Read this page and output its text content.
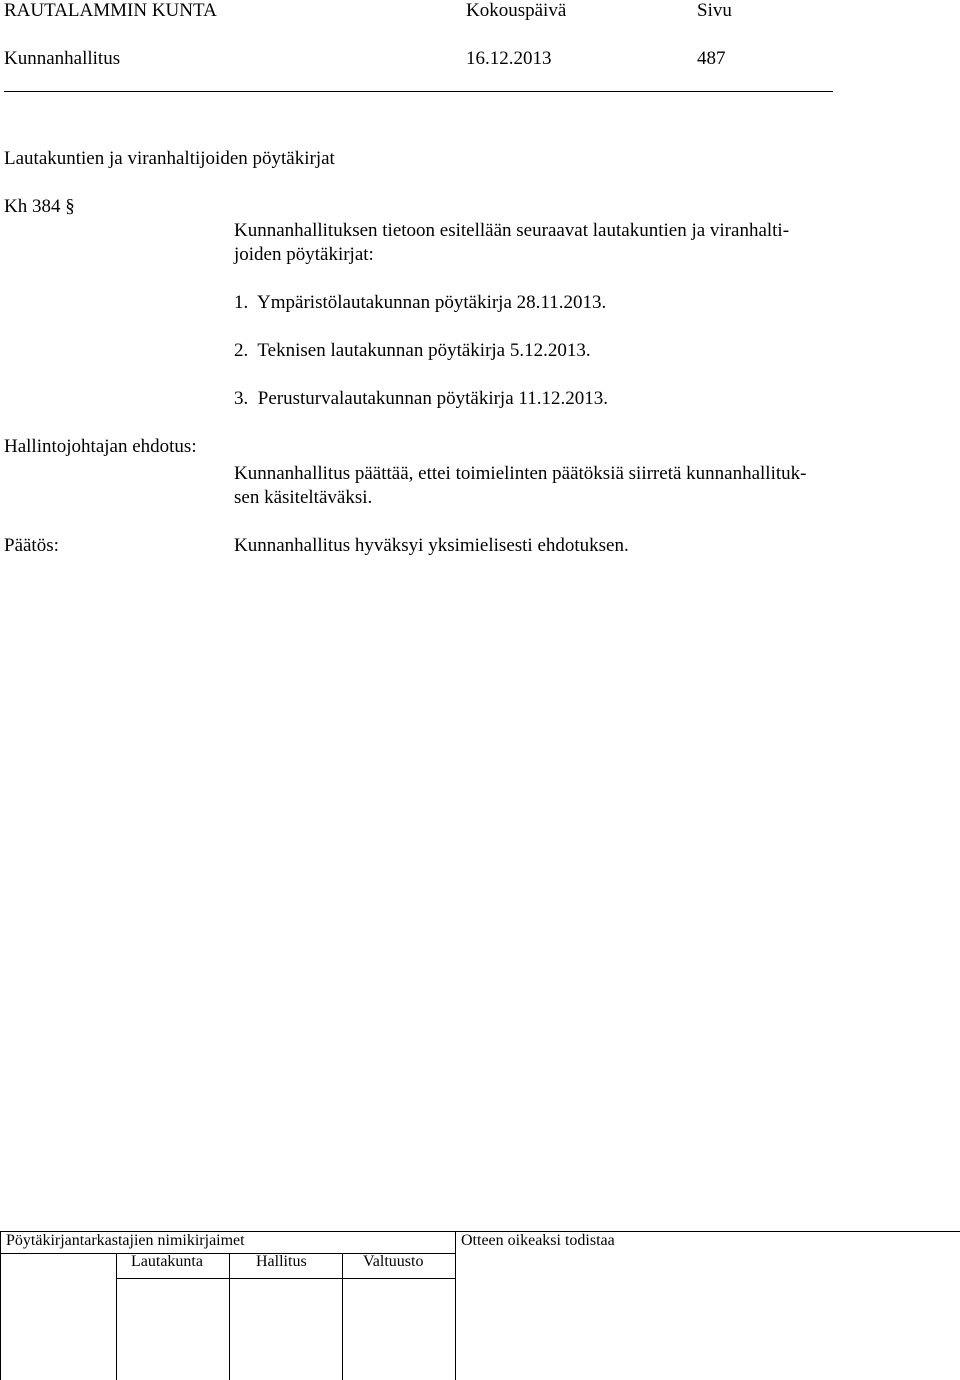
RAUTALAMMIN KUNTA	Kokouspäivä	Sivu
Kunnanhallitus	16.12.2013	487
Lautakuntien ja viranhaltijoiden pöytäkirjat
Kh 384 §
Kunnanhallituksen tietoon esitellään seuraavat lautakuntien ja viranhalti-
joiden pöytäkirjat:
1.  Ympäristölautakunnan pöytäkirja 28.11.2013.
2.  Teknisen lautakunnan pöytäkirja 5.12.2013.
3.  Perusturvalautakunnan pöytäkirja 11.12.2013.
Hallintojohtajan ehdotus:
Kunnanhallitus päättää, ettei toimielinten päätöksiä siirretä kunnanhallituk-
sen käsiteltäväksi.
Päätös:	Kunnanhallitus hyväksyi yksimielisesti ehdotuksen.
Pöytäkirjantarkastajien nimikirjaimet	Otteen oikeaksi todistaa
Lautakunta	Hallitus	Valtuusto
